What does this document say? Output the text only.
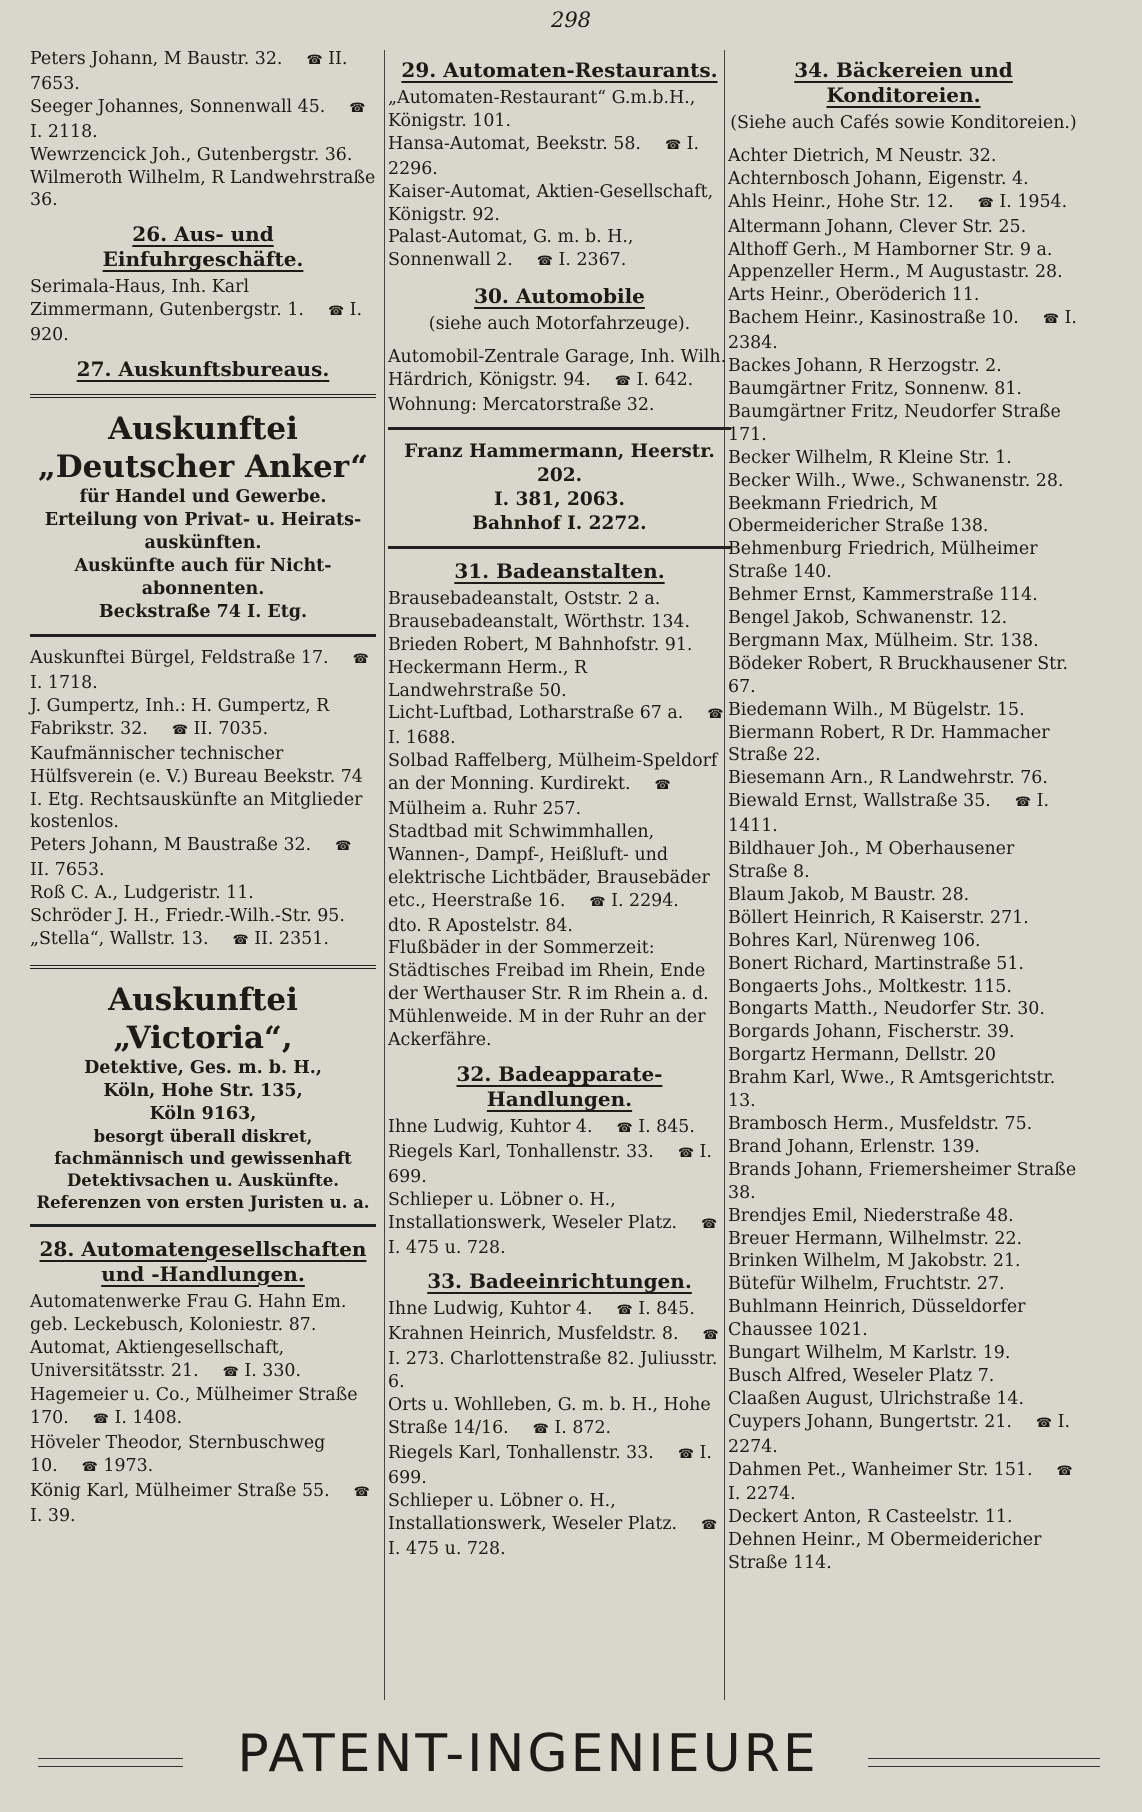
298
Peters Johann, M Baustr. 32.☎ II. 7653.
Seeger Johannes, Sonnenwall 45.☎ I. 2118.
Wewrzencick Joh., Gutenbergstr. 36.
Wilmeroth Wilhelm, R Landwehrstraße 36.
26. Aus- und Einfuhrgeschäfte.
Serimala-Haus, Inh. Karl Zimmermann, Gutenbergstr. 1.☎ I. 920.
27. Auskunftsbureaus.
Auskunftei
„Deutscher Anker“
für Handel und Gewerbe.
Erteilung von Privat- u. Heirats-auskünften.
Auskünfte auch für Nicht-abonnenten.
Beckstraße 74 I. Etg.
Auskunftei Bürgel, Feldstraße 17.☎ I. 1718.
J. Gumpertz, Inh.: H. Gumpertz, R Fabrikstr. 32.☎ II. 7035.
Kaufmännischer technischer Hülfsverein (e. V.) Bureau Beekstr. 74 I. Etg. Rechtsauskünfte an Mitglieder kostenlos.
Peters Johann, M Baustraße 32.☎ II. 7653.
Roß C. A., Ludgeristr. 11.
Schröder J. H., Friedr.-Wilh.-Str. 95.
„Stella“, Wallstr. 13.☎ II. 2351.
Auskunftei „Victoria“,
Detektive, Ges. m. b. H.,
Köln, Hohe Str. 135,
Köln 9163,
besorgt überall diskret, fachmännisch und gewissenhaft Detektivsachen u. Auskünfte. Referenzen von ersten Juristen u. a.
28. Automatengesellschaften und -Handlungen.
Automatenwerke Frau G. Hahn Em. geb. Leckebusch, Koloniestr. 87.
Automat, Aktiengesellschaft, Universitätsstr. 21.☎ I. 330.
Hagemeier u. Co., Mülheimer Straße 170.☎ I. 1408.
Höveler Theodor, Sternbuschweg 10.☎ 1973.
König Karl, Mülheimer Straße 55.☎ I. 39.
29. Automaten-Restaurants.
„Automaten-Restaurant“ G.m.b.H., Königstr. 101.
Hansa-Automat, Beekstr. 58.☎ I. 2296.
Kaiser-Automat, Aktien-Gesellschaft, Königstr. 92.
Palast-Automat, G. m. b. H., Sonnenwall 2.☎ I. 2367.
30. Automobile
(siehe auch Motorfahrzeuge).
Automobil-Zentrale Garage, Inh. Wilh. Härdrich, Königstr. 94.☎ I. 642. Wohnung: Mercatorstraße 32.
Franz Hammermann, Heerstr. 202.
I. 381, 2063.
Bahnhof I. 2272.
31. Badeanstalten.
Brausebadeanstalt, Oststr. 2 a.
Brausebadeanstalt, Wörthstr. 134.
Brieden Robert, M Bahnhofstr. 91.
Heckermann Herm., R Landwehrstraße 50.
Licht-Luftbad, Lotharstraße 67 a.☎ I. 1688.
Solbad Raffelberg, Mülheim-Speldorf an der Monning. Kurdirekt.☎ Mülheim a. Ruhr 257.
Stadtbad mit Schwimmhallen, Wannen-, Dampf-, Heißluft- und elektrische Lichtbäder, Brausebäder etc., Heerstraße 16.☎ I. 2294.
dto. R Apostelstr. 84.
Flußbäder in der Sommerzeit: Städtisches Freibad im Rhein, Ende der Werthauser Str. R im Rhein a. d. Mühlenweide. M in der Ruhr an der Ackerfähre.
32. Badeapparate-Handlungen.
Ihne Ludwig, Kuhtor 4.☎ I. 845.
Riegels Karl, Tonhallenstr. 33.☎ I. 699.
Schlieper u. Löbner o. H., Installationswerk, Weseler Platz.☎ I. 475 u. 728.
33. Badeeinrichtungen.
Ihne Ludwig, Kuhtor 4.☎ I. 845.
Krahnen Heinrich, Musfeldstr. 8.☎ I. 273. Charlottenstraße 82. Juliusstr. 6.
Orts u. Wohlleben, G. m. b. H., Hohe Straße 14/16.☎ I. 872.
Riegels Karl, Tonhallenstr. 33.☎ I. 699.
Schlieper u. Löbner o. H., Installationswerk, Weseler Platz.☎ I. 475 u. 728.
34. Bäckereien und Konditoreien.
(Siehe auch Cafés sowie Konditoreien.)
Achter Dietrich, M Neustr. 32.
Achternbosch Johann, Eigenstr. 4.
Ahls Heinr., Hohe Str. 12.☎ I. 1954.
Altermann Johann, Clever Str. 25.
Althoff Gerh., M Hamborner Str. 9 a.
Appenzeller Herm., M Augustastr. 28.
Arts Heinr., Oberöderich 11.
Bachem Heinr., Kasinostraße 10.☎ I. 2384.
Backes Johann, R Herzogstr. 2.
Baumgärtner Fritz, Sonnenw. 81.
Baumgärtner Fritz, Neudorfer Straße 171.
Becker Wilhelm, R Kleine Str. 1.
Becker Wilh., Wwe., Schwanenstr. 28.
Beekmann Friedrich, M Obermeidericher Straße 138.
Behmenburg Friedrich, Mülheimer Straße 140.
Behmer Ernst, Kammerstraße 114.
Bengel Jakob, Schwanenstr. 12.
Bergmann Max, Mülheim. Str. 138.
Bödeker Robert, R Bruckhausener Str. 67.
Biedemann Wilh., M Bügelstr. 15.
Biermann Robert, R Dr. Hammacher Straße 22.
Biesemann Arn., R Landwehrstr. 76.
Biewald Ernst, Wallstraße 35.☎ I. 1411.
Bildhauer Joh., M Oberhausener Straße 8.
Blaum Jakob, M Baustr. 28.
Böllert Heinrich, R Kaiserstr. 271.
Bohres Karl, Nürenweg 106.
Bonert Richard, Martinstraße 51.
Bongaerts Johs., Moltkestr. 115.
Bongarts Matth., Neudorfer Str. 30.
Borgards Johann, Fischerstr. 39.
Borgartz Hermann, Dellstr. 20
Brahm Karl, Wwe., R Amtsgerichtstr. 13.
Brambosch Herm., Musfeldstr. 75.
Brand Johann, Erlenstr. 139.
Brands Johann, Friemersheimer Straße 38.
Brendjes Emil, Niederstraße 48.
Breuer Hermann, Wilhelmstr. 22.
Brinken Wilhelm, M Jakobstr. 21.
Bütefür Wilhelm, Fruchtstr. 27.
Buhlmann Heinrich, Düsseldorfer Chaussee 1021.
Bungart Wilhelm, M Karlstr. 19.
Busch Alfred, Weseler Platz 7.
Claaßen August, Ulrichstraße 14.
Cuypers Johann, Bungertstr. 21.☎ I. 2274.
Dahmen Pet., Wanheimer Str. 151.☎ I. 2274.
Deckert Anton, R Casteelstr. 11.
Dehnen Heinr., M Obermeidericher Straße 114.
PATENT-INGENIEURE
